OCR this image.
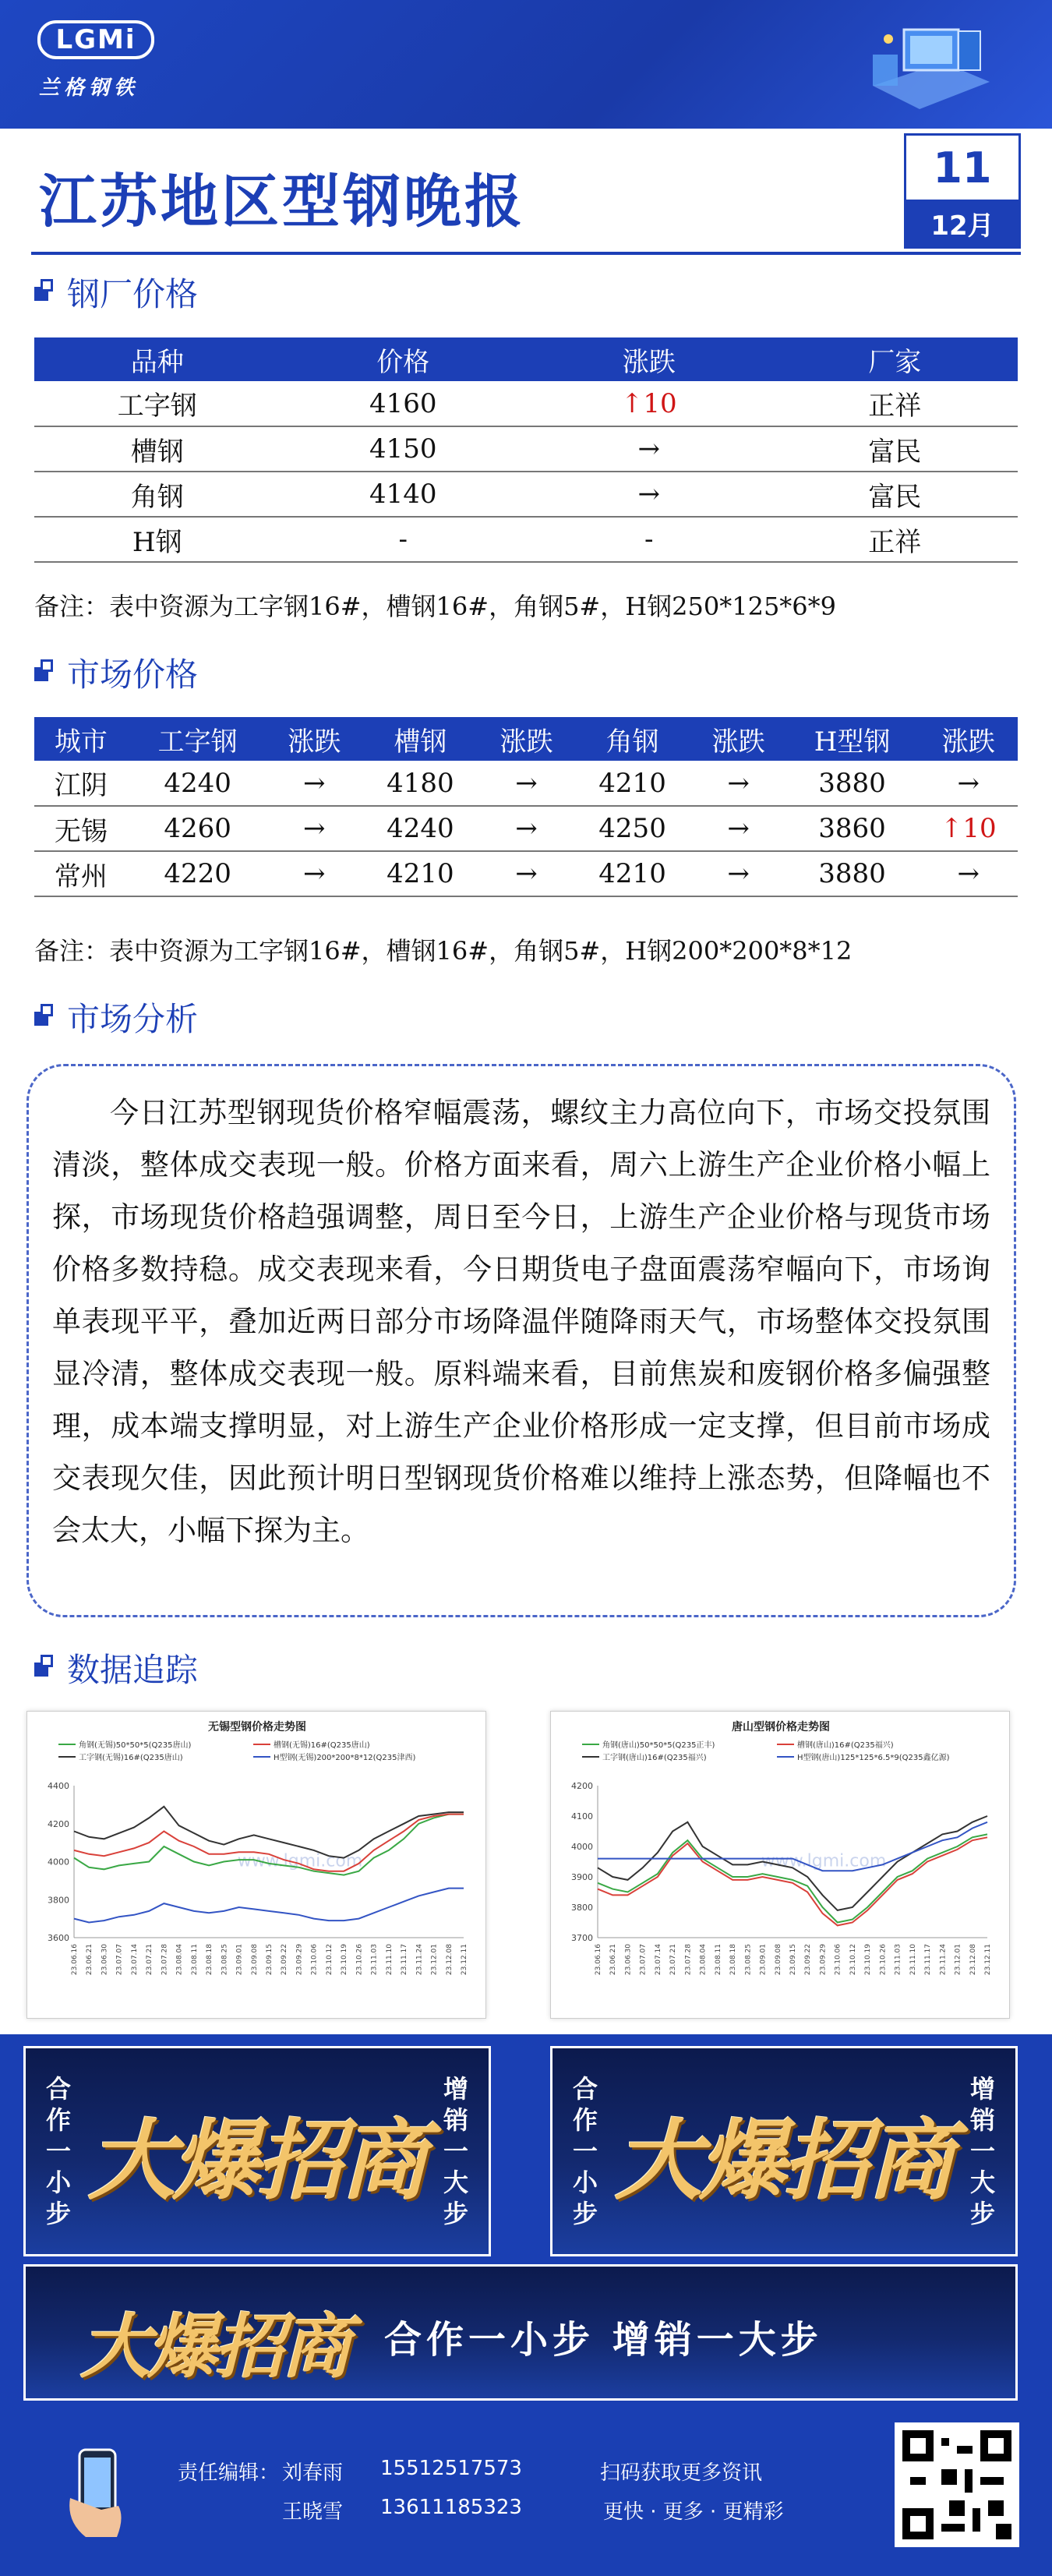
LGMi
兰格钢铁
江苏地区型钢晚报
11
12月
钢厂价格
品种	价格	涨跌	厂家
工字钢	4160	↑10	正祥
槽钢	4150	→	富民
角钢	4140	→	富民
H钢	-	-	正祥
备注：表中资源为工字钢16#，槽钢16#，角钢5#，H钢250*125*6*9
市场价格
城市	工字钢	涨跌	槽钢	涨跌	角钢	涨跌	H型钢	涨跌
江阴	4240	→	4180	→	4210	→	3880	→
无锡	4260	→	4240	→	4250	→	3860	↑10
常州	4220	→	4210	→	4210	→	3880	→
备注：表中资源为工字钢16#，槽钢16#，角钢5#，H钢200*200*8*12
市场分析

今日江苏型钢现货价格窄幅震荡，螺纹主力高位向下，市场交投氛围清淡，整体成交表现一般。价格方面来看，周六上游生产企业价格小幅上探，市场现货价格趋强调整，周日至今日，上游生产企业价格与现货市场价格多数持稳。成交表现来看，今日期货电子盘面震荡窄幅向下，市场询单表现平平，叠加近两日部分市场降温伴随降雨天气，市场整体交投氛围显冷清，整体成交表现一般。原料端来看，目前焦炭和废钢价格多偏强整理，成本端支撑明显，对上游生产企业价格形成一定支撑，但目前市场成交表现欠佳，因此预计明日型钢现货价格难以维持上涨态势，但降幅也不会太大，小幅下探为主。

数据追踪
无锡型钢价格走势图
角钢(无锡)50*50*5(Q235唐山)	槽钢(无锡)16#(Q235唐山)
工字钢(无锡)16#(Q235唐山)	H型钢(无锡)200*200*8*12(Q235津西)
3600
3800
4000
4200
4400
www.lgmi.com
23.06.16 23.06.21 23.06.30 23.07.07 23.07.14 23.07.21 23.07.28 23.08.04 23.08.11 23.08.18 23.08.25 23.09.01 23.09.08 23.09.15 23.09.22 23.09.29 23.10.06 23.10.12 23.10.19 23.10.26 23.11.03 23.11.10 23.11.17 23.11.24 23.12.01 23.12.08 23.12.11
唐山型钢价格走势图
角钢(唐山)50*50*5(Q235正丰)	槽钢(唐山)16#(Q235福兴)
工字钢(唐山)16#(Q235福兴)	H型钢(唐山)125*125*6.5*9(Q235鑫亿源)
3700
3800
3900
4000
4100
4200
www.lgmi.com
23.06.16 23.06.21 23.06.30 23.07.07 23.07.14 23.07.21 23.07.28 23.08.04 23.08.11 23.08.18 23.08.25 23.09.01 23.09.08 23.09.15 23.09.22 23.09.29 23.10.06 23.10.12 23.10.19 23.10.26 23.11.03 23.11.10 23.11.17 23.11.24 23.12.01 23.12.08 23.12.11
合
作
一
小
步
大爆招商
增
销
一
大
步
合
作
一
小
步
大爆招商
增
销
一
大
步
大爆招商 合作一小步 增销一大步
责任编辑： 刘春雨 15512517573
王晓雪 13611185323
扫码获取更多资讯
更快 · 更多 · 更精彩
